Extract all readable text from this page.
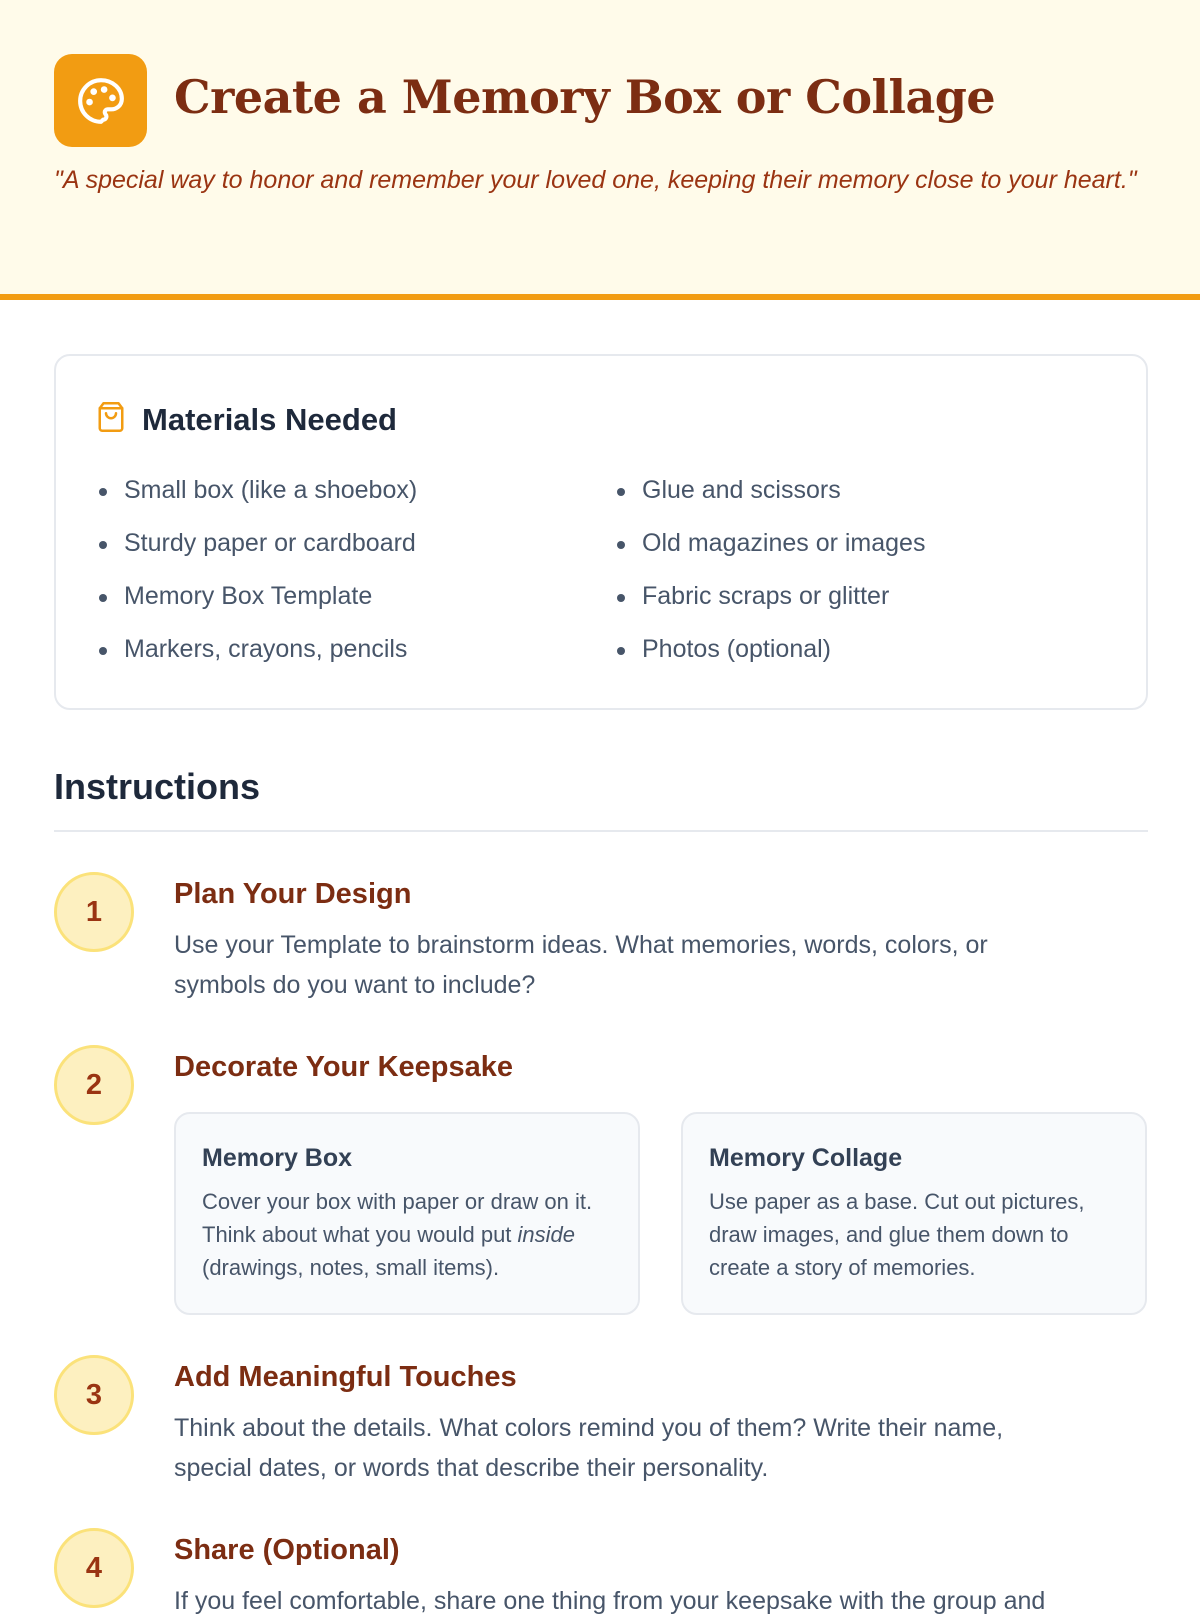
Create a Memory Box or Collage

"A special way to honor and remember your loved one, keeping their memory close to your heart."

Materials Needed
Small box (like a shoebox)
Sturdy paper or cardboard
Memory Box Template
Markers, crayons, pencils
Glue and scissors
Old magazines or images
Fabric scraps or glitter
Photos (optional)
Instructions
1
Plan Your Design

Use your Template to brainstorm ideas. What memories, words, colors, or symbols do you want to include?

2
Decorate Your Keepsake
Memory Box

Cover your box with paper or draw on it. Think about what you would put inside (drawings, notes, small items).

Memory Collage

Use paper as a base. Cut out pictures, draw images, and glue them down to create a story of memories.

3
Add Meaningful Touches

Think about the details. What colors remind you of them? Write their name, special dates, or words that describe their personality.

4
Share (Optional)

If you feel comfortable, share one thing from your keepsake with the group and
